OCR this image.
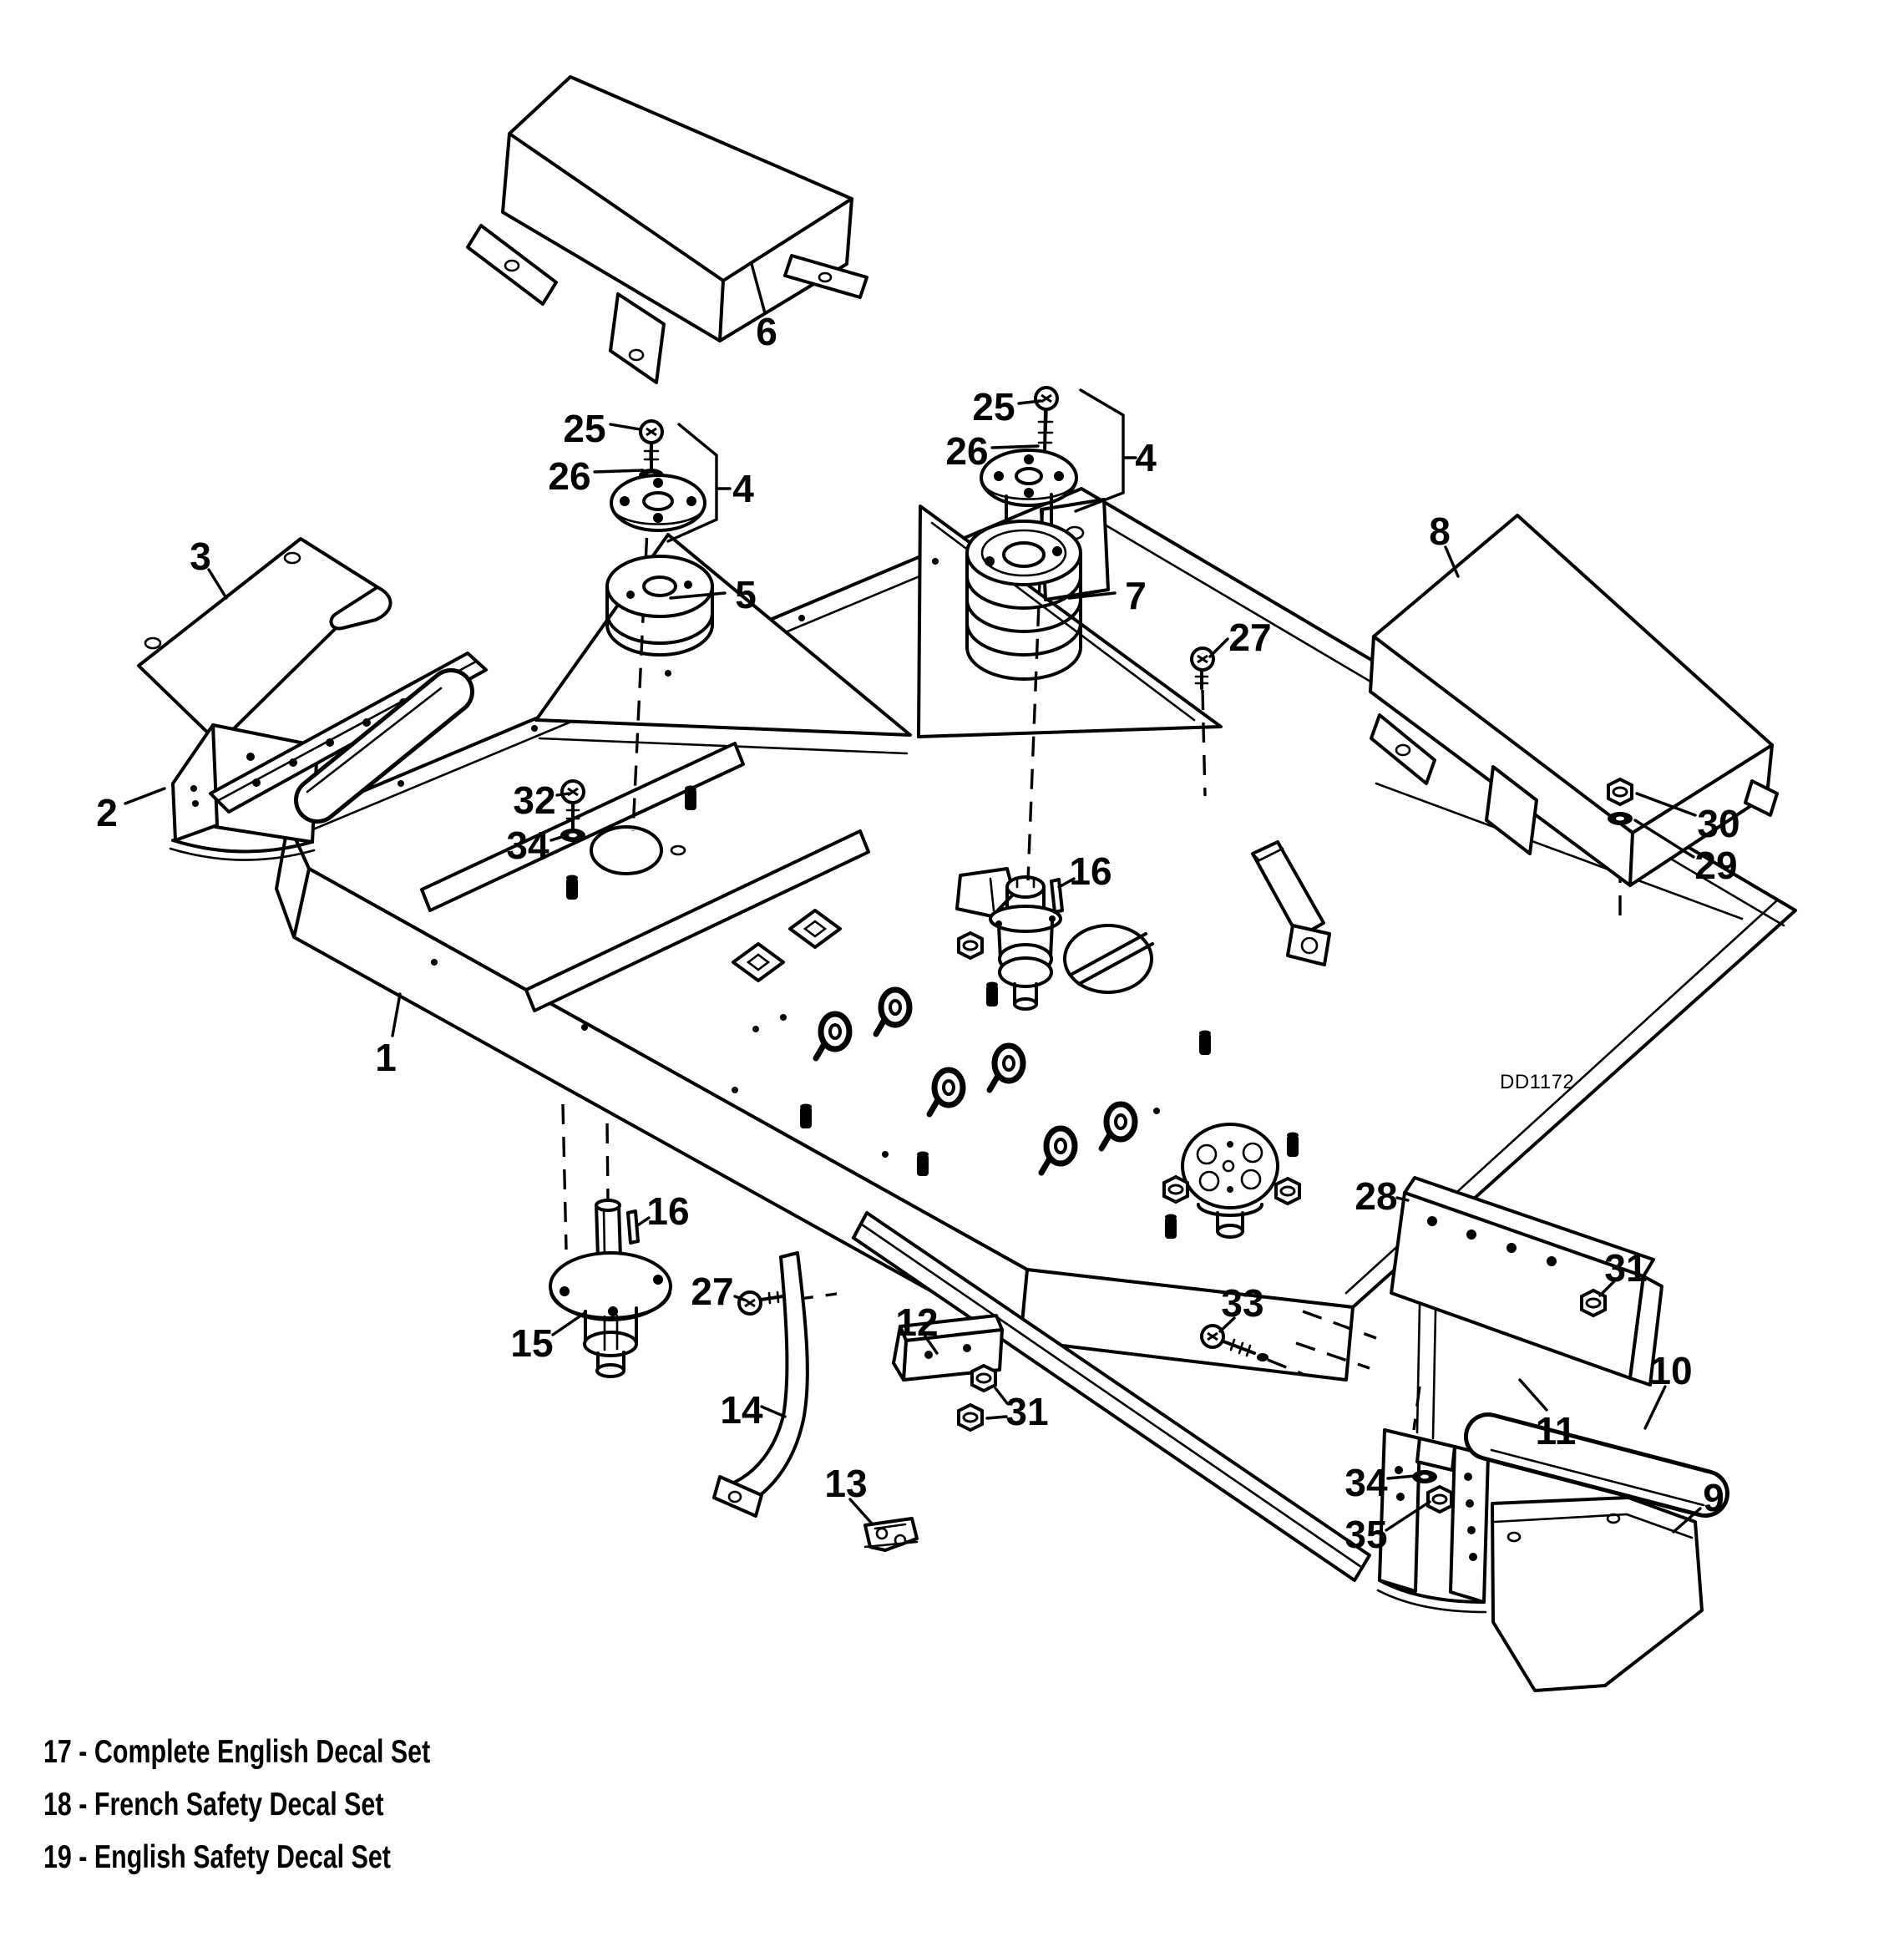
DD1172
6
25
26	4
5
25
26	4
7
27
8
30
29
3
2	32
34
16
1
16
15
27
14
13
12
31
33
28
31
10
11
34
35
9
17 - Complete English Decal Set
18 - French Safety Decal Set
19 - English Safety Decal Set
